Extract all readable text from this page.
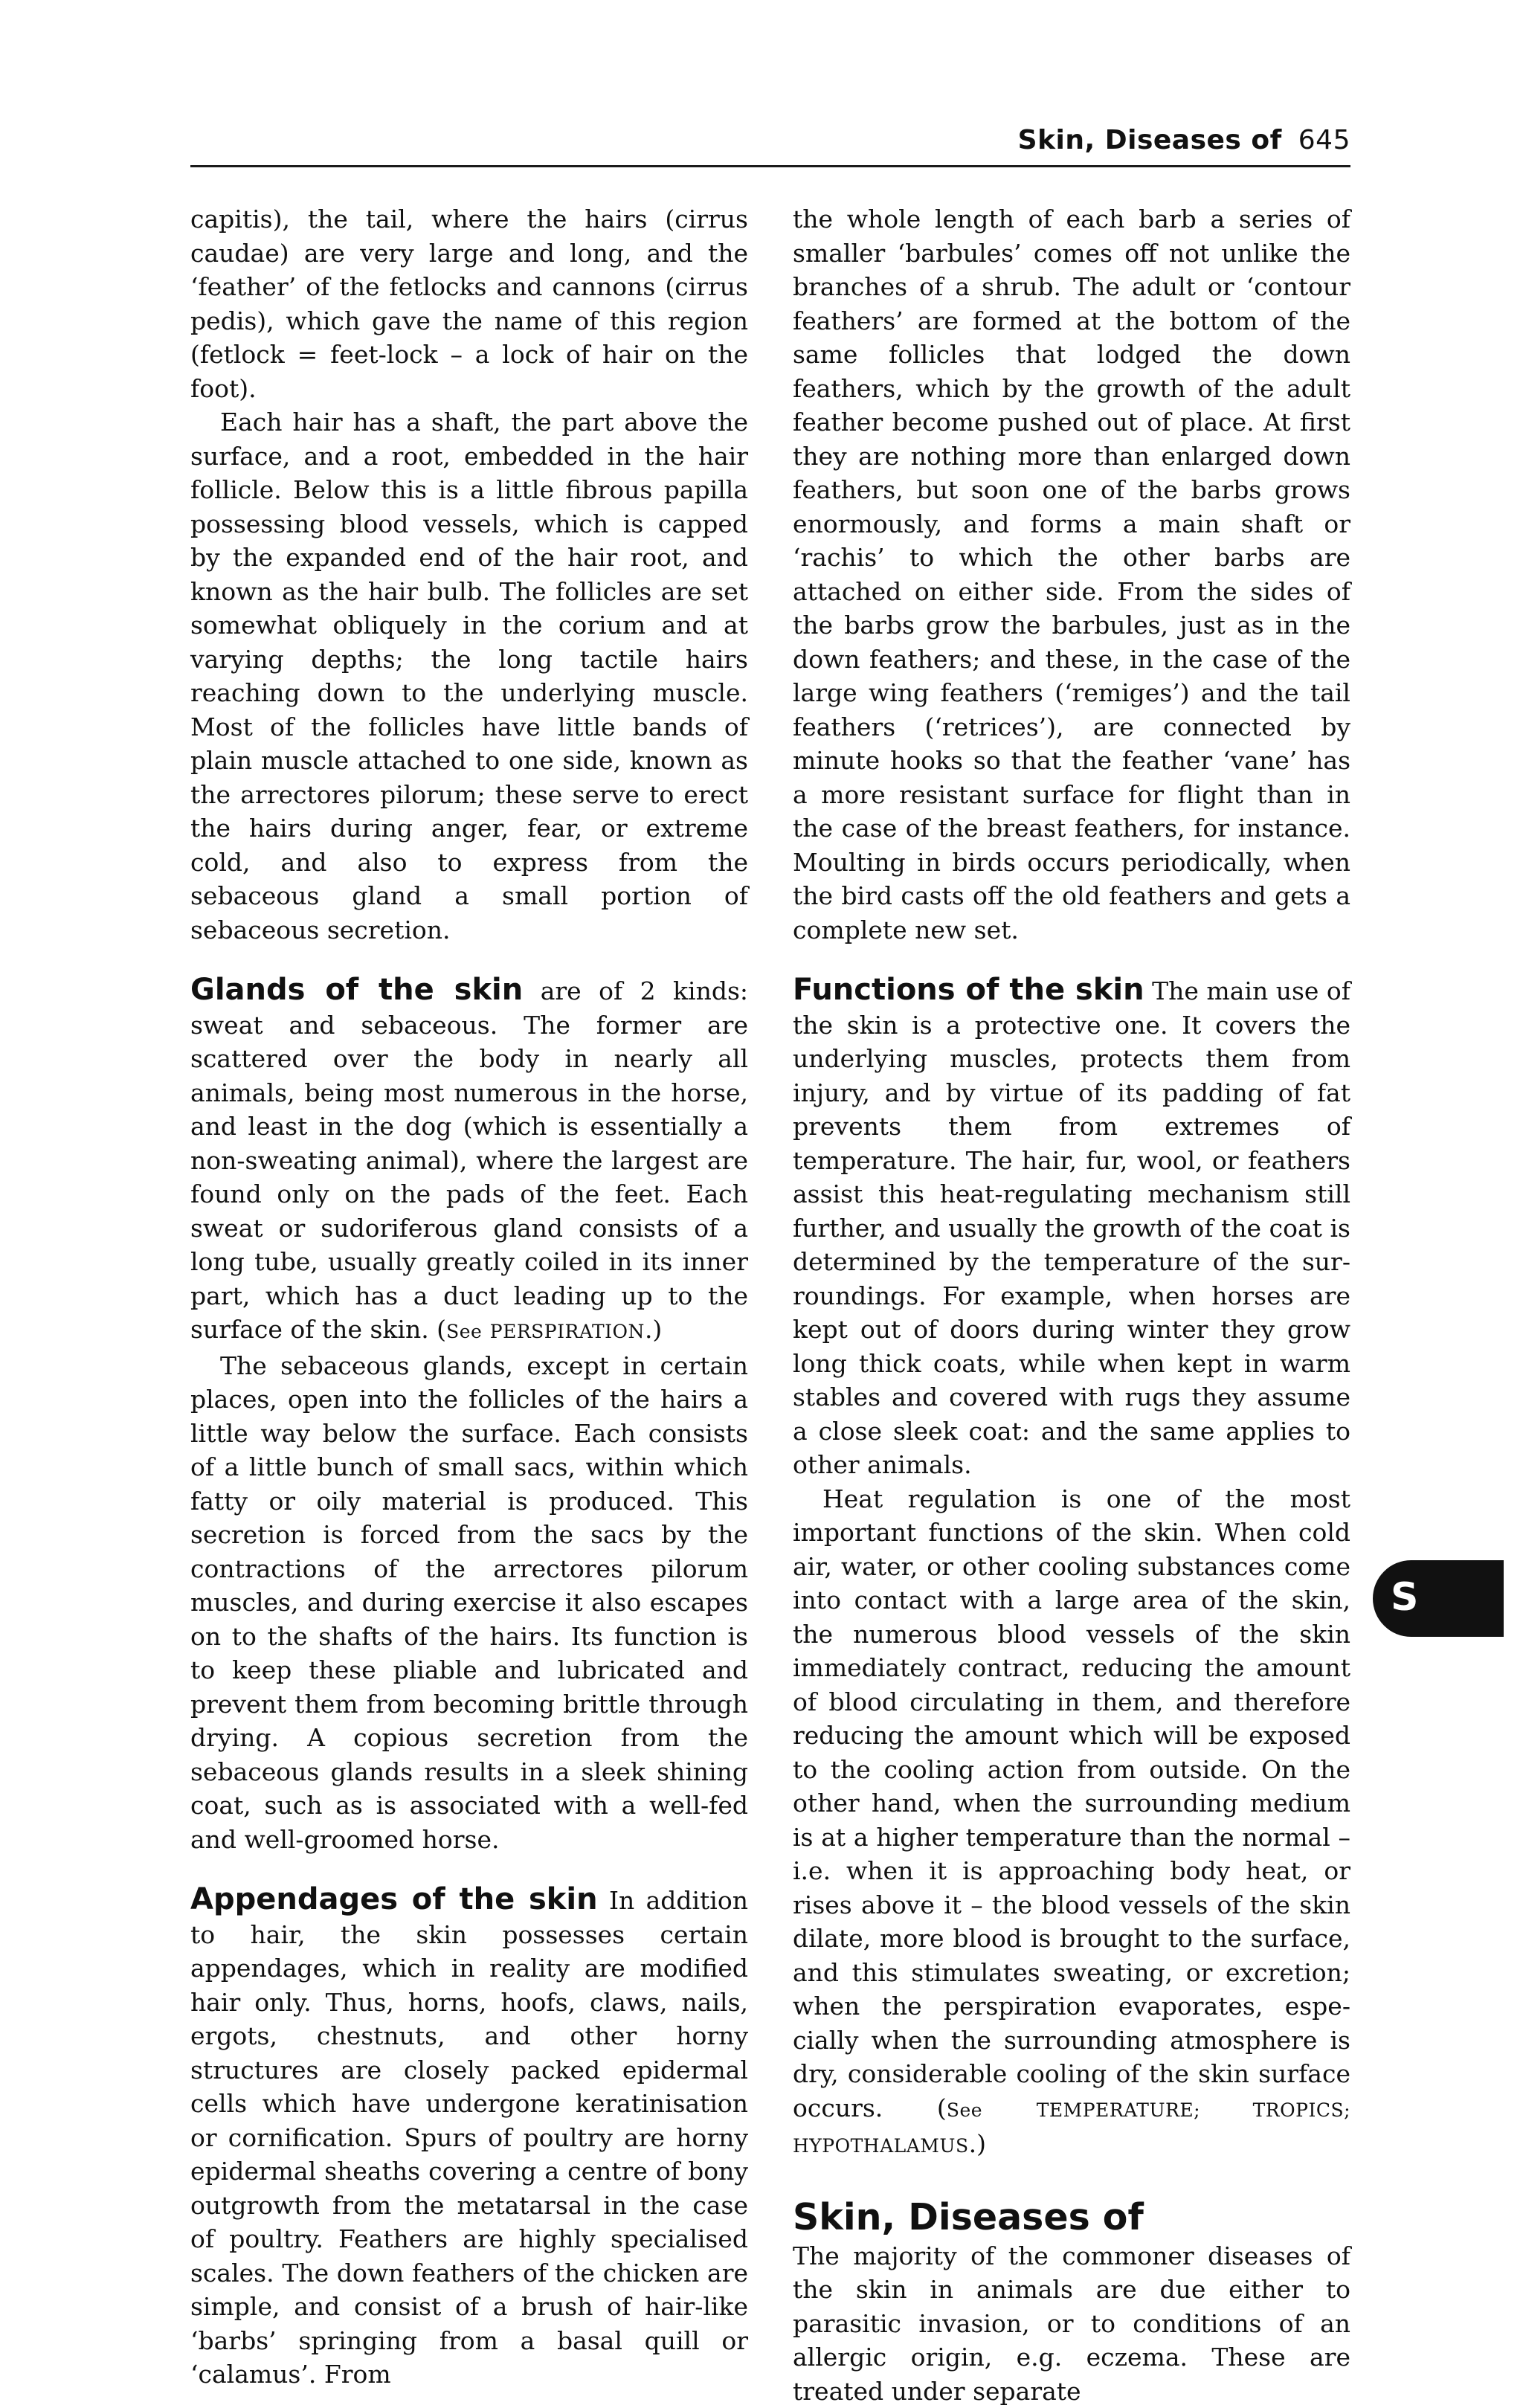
Skin, Diseases of 645

capitis), the tail, where the hairs (cirrus caudae) are very large and long, and the ‘feather’ of the fetlocks and cannons (cirrus pedis), which gave the name of this region (fetlock = feet-lock – a lock of hair on the foot).

Each hair has a shaft, the part above the surface, and a root, embedded in the hair follicle. Below this is a little fibrous papilla possessing blood vessels, which is capped by the expanded end of the hair root, and known as the hair bulb. The follicles are set somewhat obliquely in the corium and at varying depths; the long tactile hairs reaching down to the underlying muscle. Most of the follicles have little bands of plain muscle attached to one side, known as the arrectores pilorum; these serve to erect the hairs during anger, fear, or extreme cold, and also to express from the sebaceous gland a small portion of sebaceous secretion.

Glands of the skin are of 2 kinds: sweat and sebaceous. The former are scattered over the body in nearly all animals, being most numerous in the horse, and least in the dog (which is essentially a non-sweating animal), where the largest are found only on the pads of the feet. Each sweat or sudoriferous gland consists of a long tube, usually greatly coiled in its inner part, which has a duct leading up to the surface of the skin. (See PERSPIRATION.)

The sebaceous glands, except in certain places, open into the follicles of the hairs a little way below the surface. Each consists of a little bunch of small sacs, within which fatty or oily material is produced. This secretion is forced from the sacs by the contractions of the arrectores pilorum muscles, and during exercise it also escapes on to the shafts of the hairs. Its function is to keep these pliable and lubricated and prevent them from becoming brittle through drying. A copious secretion from the sebaceous glands results in a sleek shining coat, such as is associated with a well-fed and well-groomed horse.

Appendages of the skin In addition to hair, the skin possesses certain appendages, which in reality are modified hair only. Thus, horns, hoofs, claws, nails, ergots, chestnuts, and other horny structures are closely packed epidermal cells which have undergone keratinisation or cornification. Spurs of poultry are horny epidermal sheaths covering a centre of bony outgrowth from the metatarsal in the case of poultry. Feathers are highly specialised scales. The down feathers of the chicken are simple, and consist of a brush of hair-like ‘barbs’ springing from a basal quill or ‘calamus’. From

the whole length of each barb a series of smaller ‘barbules’ comes off not unlike the branches of a shrub. The adult or ‘contour feathers’ are formed at the bottom of the same follicles that lodged the down feathers, which by the growth of the adult feather become pushed out of place. At first they are nothing more than enlarged down feathers, but soon one of the barbs grows enormously, and forms a main shaft or ‘rachis’ to which the other barbs are attached on either side. From the sides of the barbs grow the barbules, just as in the down feathers; and these, in the case of the large wing feathers (‘remiges’) and the tail feathers (‘retrices’), are connected by minute hooks so that the feather ‘vane’ has a more resistant surface for flight than in the case of the breast feathers, for instance. Moulting in birds occurs periodically, when the bird casts off the old feathers and gets a complete new set.

Functions of the skin The main use of the skin is a protective one. It covers the underlying muscles, protects them from injury, and by virtue of its padding of fat prevents them from extremes of temperature. The hair, fur, wool, or feathers assist this heat-regulating mechanism still further, and usually the growth of the coat is determined by the temperature of the surroundings. For example, when horses are kept out of doors during winter they grow long thick coats, while when kept in warm stables and covered with rugs they assume a close sleek coat: and the same applies to other animals.

Heat regulation is one of the most important functions of the skin. When cold air, water, or other cooling substances come into contact with a large area of the skin, the numerous blood vessels of the skin immediately contract, reducing the amount of blood circulating in them, and therefore reducing the amount which will be exposed to the cooling action from outside. On the other hand, when the surrounding medium is at a higher temperature than the normal – i.e. when it is approaching body heat, or rises above it – the blood vessels of the skin dilate, more blood is brought to the surface, and this stimulates sweating, or excretion; when the perspiration evaporates, especially when the surrounding atmosphere is dry, considerable cooling of the skin surface occurs. (See	TEMPERATURE; TROPICS; HYPOTHALAMUS.)

Skin, Diseases of

The majority of the commoner diseases of the skin in animals are due either to parasitic invasion, or to conditions of an allergic origin, e.g. eczema. These are treated under separate

S
